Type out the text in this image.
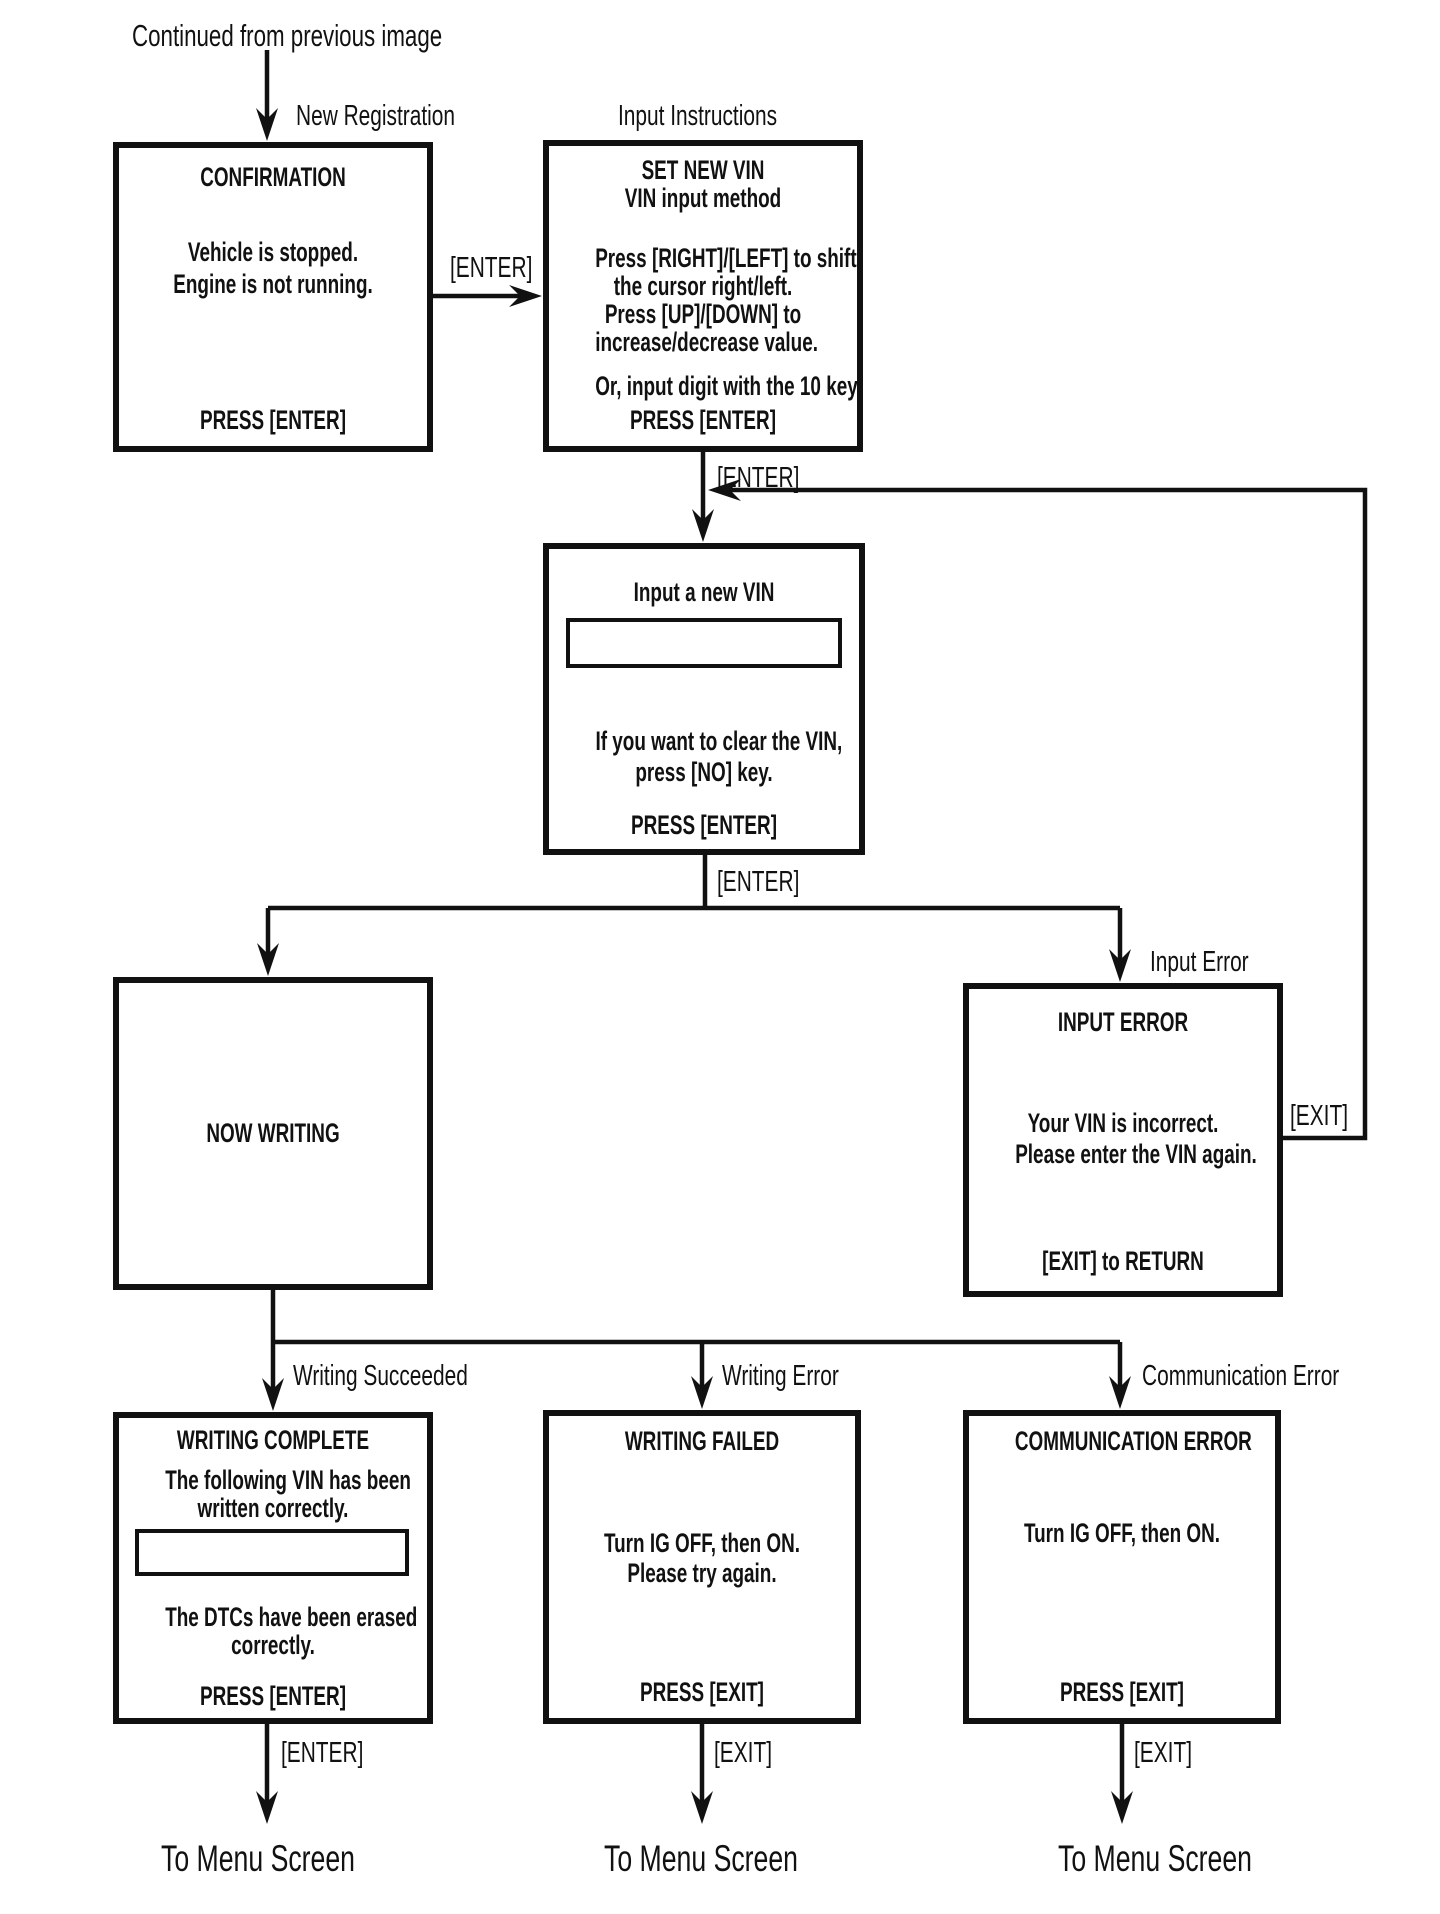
Continued from previous image
New Registration	Input Instructions
[ENTER]
[ENTER]
[ENTER]
Input Error
[EXIT]
Writing Succeeded	Writing Error	Communication Error
[ENTER]	[EXIT]	[EXIT]
CONFIRMATION
Vehicle is stopped.
Engine is not running.
PRESS [ENTER]
SET NEW VIN
VIN input method
Press [RIGHT]/[LEFT] to shift
the cursor right/left.
Press [UP]/[DOWN] to
increase/decrease value.
Or, input digit with the 10 key.
PRESS [ENTER]
Input a new VIN
If you want to clear the VIN,
press [NO] key.
PRESS [ENTER]
NOW WRITING
INPUT ERROR
Your VIN is incorrect.
Please enter the VIN again.
[EXIT] to RETURN
WRITING COMPLETE
The following VIN has been
written correctly.
The DTCs have been erased
correctly.
PRESS [ENTER]
WRITING FAILED
Turn IG OFF, then ON.
Please try again.
PRESS [EXIT]
COMMUNICATION ERROR
Turn IG OFF, then ON.
PRESS [EXIT]
To Menu Screen	To Menu Screen	To Menu Screen
